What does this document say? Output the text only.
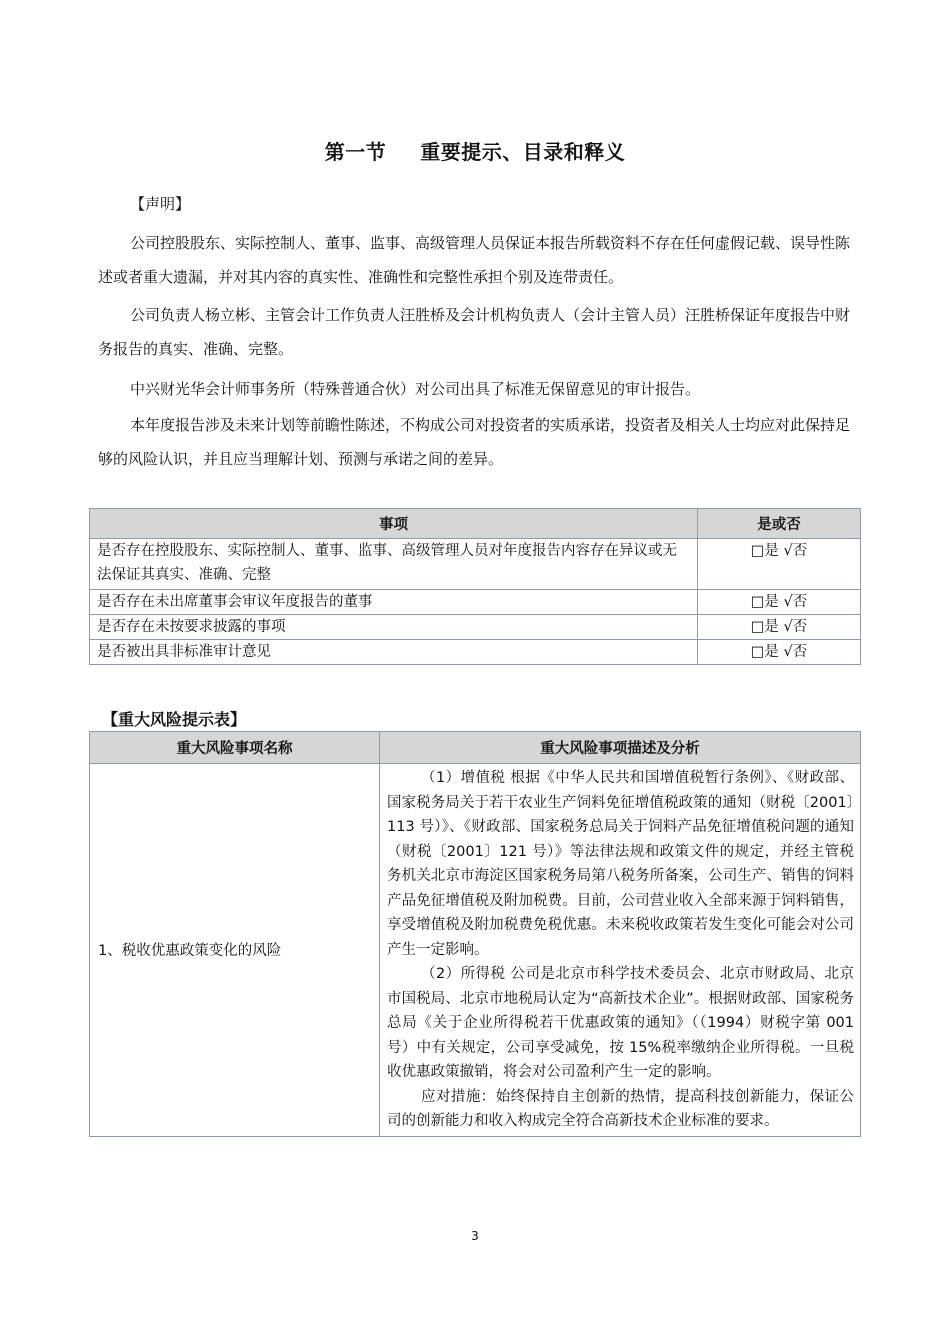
第一节 重要提示、目录和释义
【声明】
公司控股股东、实际控制人、董事、监事、高级管理人员保证本报告所载资料不存在任何虚假记载、误导性陈述或者重大遗漏，并对其内容的真实性、准确性和完整性承担个别及连带责任。
公司负责人杨立彬、主管会计工作负责人汪胜桥及会计机构负责人（会计主管人员）汪胜桥保证年度报告中财务报告的真实、准确、完整。
中兴财光华会计师事务所（特殊普通合伙）对公司出具了标准无保留意见的审计报告。
本年度报告涉及未来计划等前瞻性陈述，不构成公司对投资者的实质承诺，投资者及相关人士均应对此保持足够的风险认识，并且应当理解计划、预测与承诺之间的差异。
事项	是或否
是否存在控股股东、实际控制人、董事、监事、高级管理人员对年度报告内容存在异议或无法保证其真实、准确、完整	□是 √否
是否存在未出席董事会审议年度报告的董事	□是 √否
是否存在未按要求披露的事项	□是 √否
是否被出具非标准审计意见	□是 √否
【重大风险提示表】
重大风险事项名称	重大风险事项描述及分析
1、税收优惠政策变化的风险	（1）增值税 根据《中华人民共和国增值税暂行条例》、《财政部、国家税务局关于若干农业生产饲料免征增值税政策的通知（财税〔2001〕113 号）》、《财政部、国家税务总局关于饲料产品免征增值税问题的通知（财税〔2001〕121 号）》等法律法规和政策文件的规定，并经主管税务机关北京市海淀区国家税务局第八税务所备案，公司生产、销售的饲料产品免征增值税及附加税费。目前，公司营业收入全部来源于饲料销售，享受增值税及附加税费免税优惠。未来税收政策若发生变化可能会对公司产生一定影响。

（2）所得税 公司是北京市科学技术委员会、北京市财政局、北京市国税局、北京市地税局认定为“高新技术企业”。根据财政部、国家税务总局《关于企业所得税若干优惠政策的通知》（（1994）财税字第 001 号）中有关规定，公司享受减免，按 15%税率缴纳企业所得税。一旦税收优惠政策撤销，将会对公司盈利产生一定的影响。

应对措施：始终保持自主创新的热情，提高科技创新能力，保证公司的创新能力和收入构成完全符合高新技术企业标准的要求。

3
